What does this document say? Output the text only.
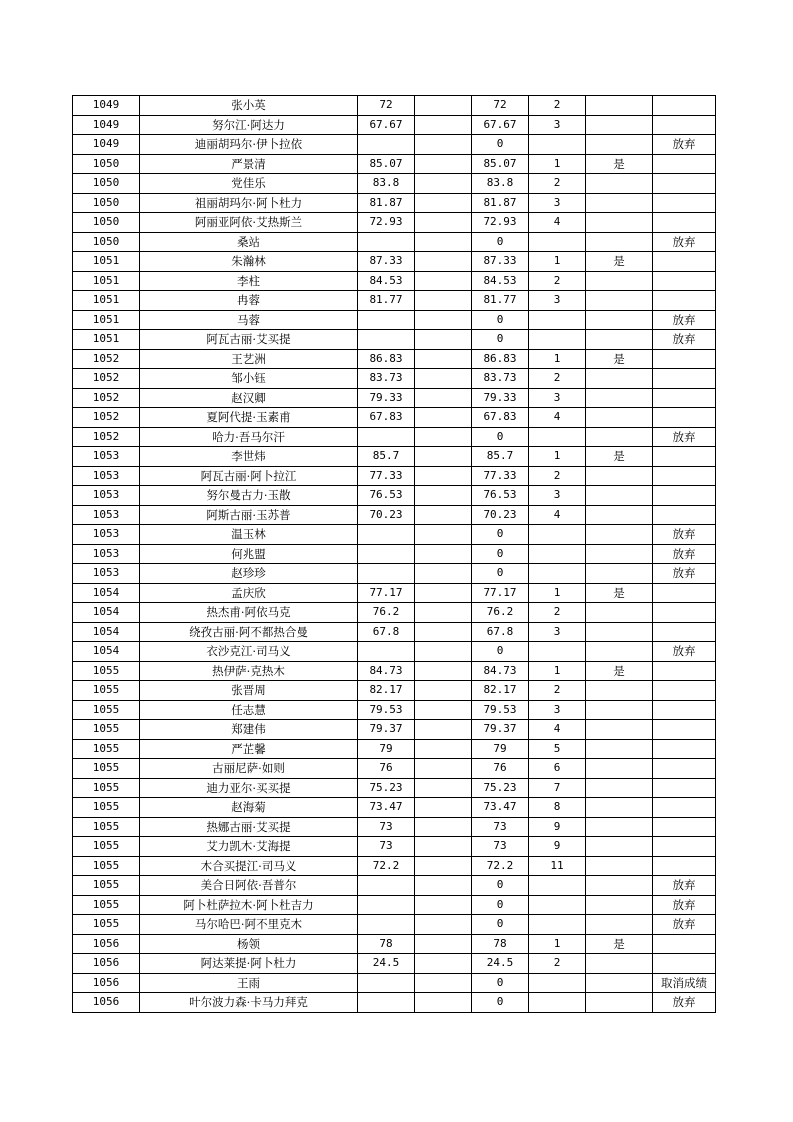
1049	张小英	72		72	2		
1049	努尔江·阿达力	67.67		67.67	3		
1049	迪丽胡玛尔·伊卜拉依			0			放弃
1050	严景清	85.07		85.07	1	是	
1050	党佳乐	83.8		83.8	2		
1050	祖丽胡玛尔·阿卜杜力	81.87		81.87	3		
1050	阿丽亚阿依·艾热斯兰	72.93		72.93	4		
1050	桑站			0			放弃
1051	朱瀚林	87.33		87.33	1	是	
1051	李柱	84.53		84.53	2		
1051	冉蓉	81.77		81.77	3		
1051	马蓉			0			放弃
1051	阿瓦古丽·艾买提			0			放弃
1052	王艺洲	86.83		86.83	1	是	
1052	邹小钰	83.73		83.73	2		
1052	赵汉卿	79.33		79.33	3		
1052	夏阿代提·玉素甫	67.83		67.83	4		
1052	哈力·吾马尔汗			0			放弃
1053	李世炜	85.7		85.7	1	是	
1053	阿瓦古丽·阿卜拉江	77.33		77.33	2		
1053	努尔曼古力·玉散	76.53		76.53	3		
1053	阿斯古丽·玉苏普	70.23		70.23	4		
1053	温玉林			0			放弃
1053	何兆盟			0			放弃
1053	赵珍珍			0			放弃
1054	孟庆欣	77.17		77.17	1	是	
1054	热杰甫·阿依马克	76.2		76.2	2		
1054	绕孜古丽·阿不都热合曼	67.8		67.8	3		
1054	衣沙克江·司马义			0			放弃
1055	热伊萨·克热木	84.73		84.73	1	是	
1055	张晋周	82.17		82.17	2		
1055	任志慧	79.53		79.53	3		
1055	郑建伟	79.37		79.37	4		
1055	严芷馨	79		79	5		
1055	古丽尼萨·如则	76		76	6		
1055	迪力亚尔·买买提	75.23		75.23	7		
1055	赵海菊	73.47		73.47	8		
1055	热娜古丽·艾买提	73		73	9		
1055	艾力凯木·艾海提	73		73	9		
1055	木合买提江·司马义	72.2		72.2	11		
1055	美合日阿依·吾普尔			0			放弃
1055	阿卜杜萨拉木·阿卜杜吉力			0			放弃
1055	马尔哈巴·阿不里克木			0			放弃
1056	杨领	78		78	1	是	
1056	阿达莱提·阿卜杜力	24.5		24.5	2		
1056	王雨			0			取消成绩
1056	叶尔波力森·卡马力拜克			0			放弃
